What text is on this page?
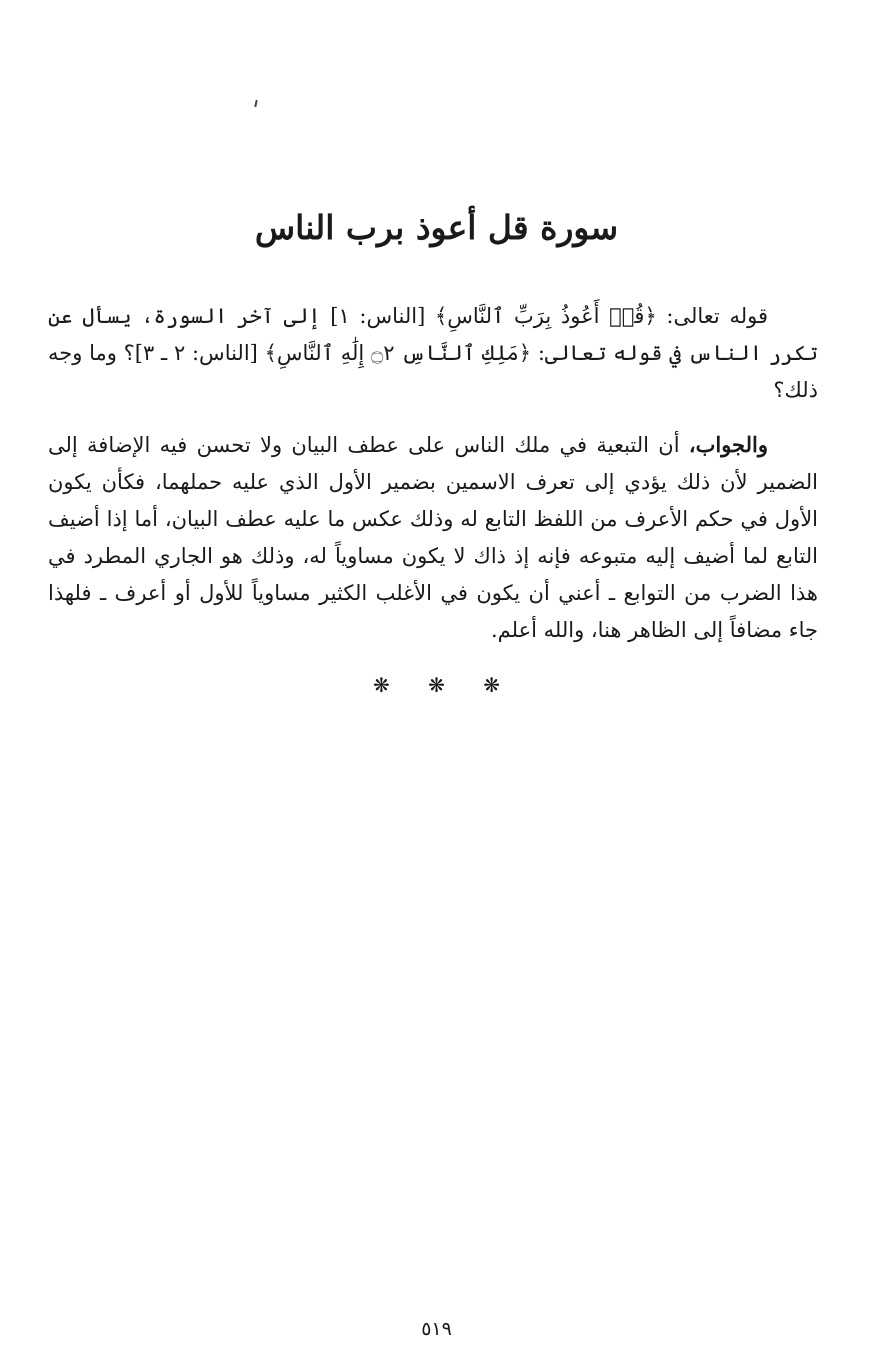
سورة قل أعوذ برب الناس

قوله تعالى: ﴿قُلۡ أَعُوذُ بِرَبِّ ٱلنَّاسِ﴾ [الناس: ١] إلى آخر السورة، يسأل عن تكرر الناس في قوله تعالى: ﴿مَلِكِ ٱلنَّاسِ ۝٢ إِلَٰهِ ٱلنَّاسِ﴾ [الناس: ٢ ـ ٣]؟ وما وجه ذلك؟

والجواب، أن التبعية في ملك الناس على عطف البيان ولا تحسن فيه الإضافة إلى الضمير لأن ذلك يؤدي إلى تعرف الاسمين بضمير الأول الذي عليه حملهما، فكأن يكون الأول في حكم الأعرف من اللفظ التابع له وذلك عكس ما عليه عطف البيان، أما إذا أضيف التابع لما أضيف إليه متبوعه فإنه إذ ذاك لا يكون مساوياً له، وذلك هو الجاري المطرد في هذا الضرب من التوابع ـ أعني أن يكون في الأغلب الكثير مساوياً للأول أو أعرف ـ فلهذا جاء مضافاً إلى الظاهر هنا، والله أعلم.

❋ ❋ ❋
٥١٩
